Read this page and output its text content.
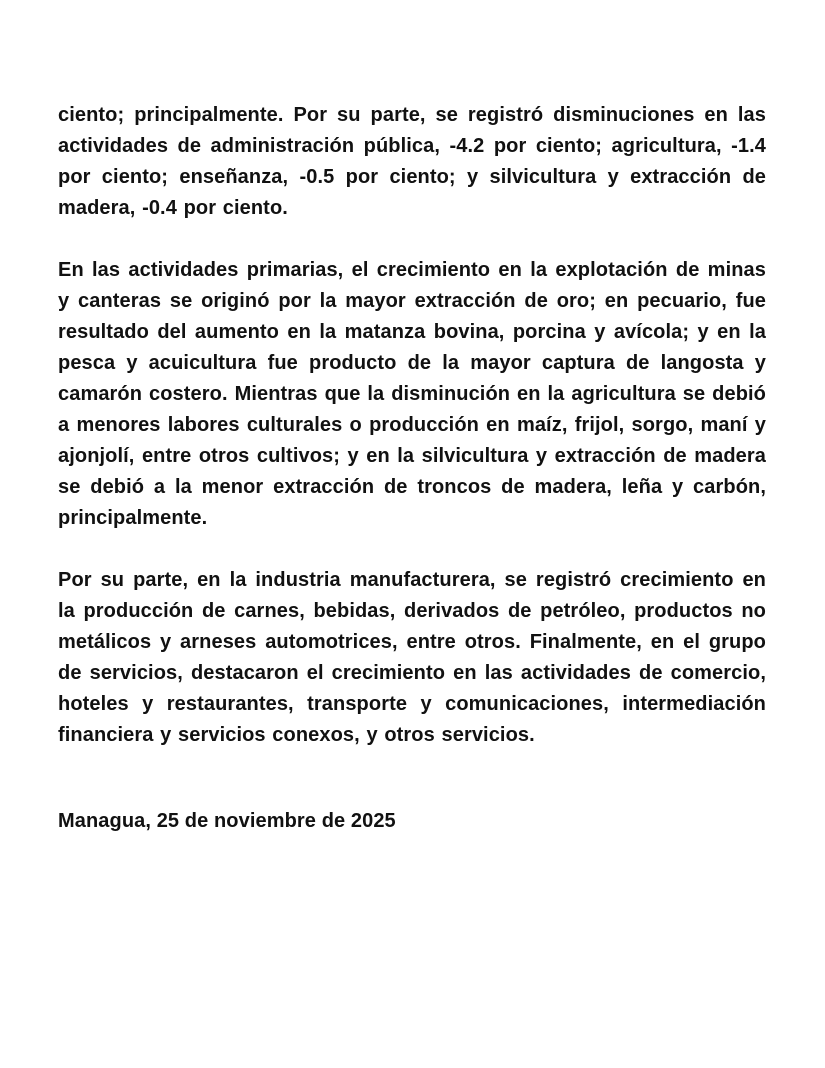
ciento; principalmente. Por su parte, se registró disminuciones en las actividades de administración pública, -4.2 por ciento; agricultura, -1.4 por ciento; enseñanza, -0.5 por ciento; y silvicultura y extracción de madera, -0.4 por ciento.

En las actividades primarias, el crecimiento en la explotación de minas y canteras se originó por la mayor extracción de oro; en pecuario, fue resultado del aumento en la matanza bovina, porcina y avícola; y en la pesca y acuicultura fue producto de la mayor captura de langosta y camarón costero. Mientras que la disminución en la agricultura se debió a menores labores culturales o producción en maíz, frijol, sorgo, maní y ajonjolí, entre otros cultivos; y en la silvicultura y extracción de madera se debió a la menor extracción de troncos de madera, leña y carbón, principalmente.

Por su parte, en la industria manufacturera, se registró crecimiento en la producción de carnes, bebidas, derivados de petróleo, productos no metálicos y arneses automotrices, entre otros. Finalmente, en el grupo de servicios, destacaron el crecimiento en las actividades de comercio, hoteles y restaurantes, transporte y comunicaciones, intermediación financiera y servicios conexos, y otros servicios.

Managua, 25 de noviembre de 2025
